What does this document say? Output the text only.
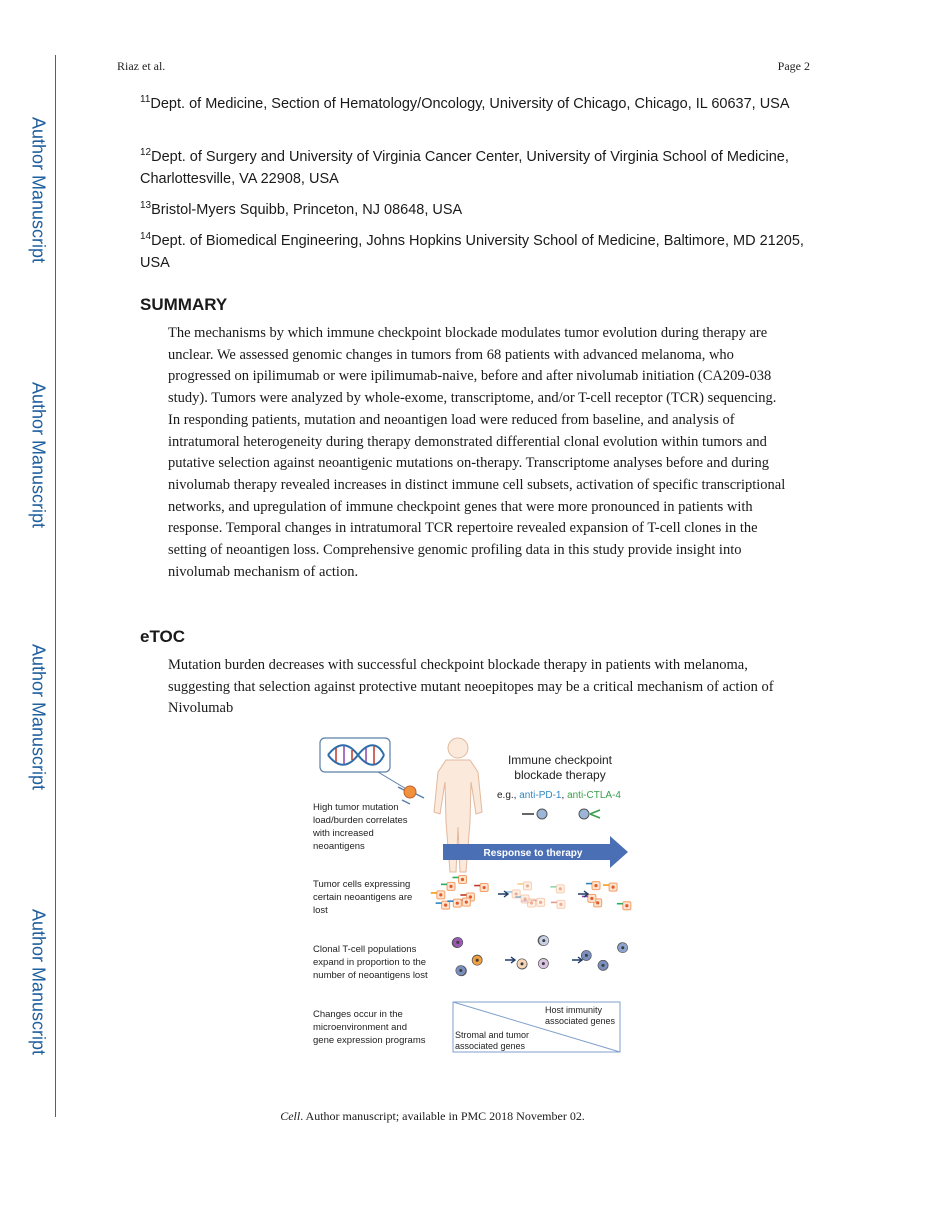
Author Manuscript
Author Manuscript
Author Manuscript
Author Manuscript
Riaz et al.	Page 2
$^{11}$Dept. of Medicine, Section of Hematology/Oncology, University of Chicago, Chicago, IL 60637, USA
$^{12}$Dept. of Surgery and University of Virginia Cancer Center, University of Virginia School of Medicine, Charlottesville, VA 22908, USA
$^{13}$Bristol-Myers Squibb, Princeton, NJ 08648, USA
$^{14}$Dept. of Biomedical Engineering, Johns Hopkins University School of Medicine, Baltimore, MD 21205, USA
SUMMARY
The mechanisms by which immune checkpoint blockade modulates tumor evolution during therapy are unclear. We assessed genomic changes in tumors from 68 patients with advanced melanoma, who progressed on ipilimumab or were ipilimumab-naive, before and after nivolumab initiation (CA209-038 study). Tumors were analyzed by whole-exome, transcriptome, and/or T-cell receptor (TCR) sequencing. In responding patients, mutation and neoantigen load were reduced from baseline, and analysis of intratumoral heterogeneity during therapy demonstrated differential clonal evolution within tumors and putative selection against neoantigenic mutations on-therapy. Transcriptome analyses before and during nivolumab therapy revealed increases in distinct immune cell subsets, activation of specific transcriptional networks, and upregulation of immune checkpoint genes that were more pronounced in patients with response. Temporal changes in intratumoral TCR repertoire revealed expansion of T-cell clones in the setting of neoantigen loss. Comprehensive genomic profiling data in this study provide insight into nivolumab mechanism of action.
eTOC
Mutation burden decreases with successful checkpoint blockade therapy in patients with melanoma, suggesting that selection against protective mutant neoepitopes may be a critical mechanism of action of Nivolumab
Immune checkpoint
blockade therapy
e.g., anti-PD-1, anti-CTLA-4
High tumor mutation load/burden correlates with increased neoantigens
Response to therapy
Tumor cells expressing certain neoantigens are lost
Clonal T-cell populations expand in proportion to the number of neoantigens lost
Changes occur in the microenvironment and gene expression programs
Host immunity associated genes
Stromal and tumor associated genes
Cell. Author manuscript; available in PMC 2018 November 02.
